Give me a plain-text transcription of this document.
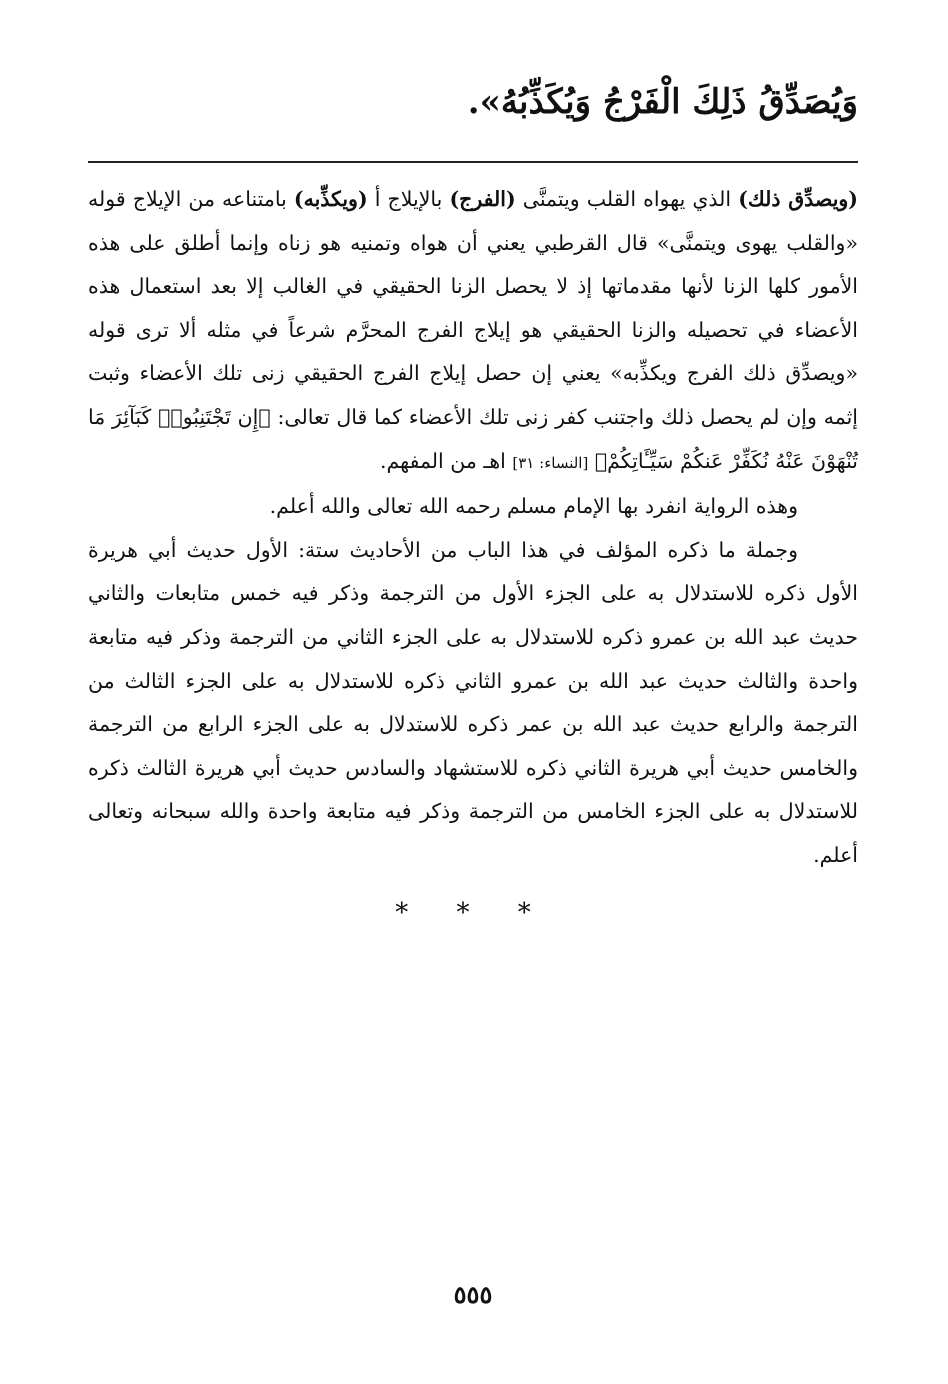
وَيُصَدِّقُ ذَلِكَ الْفَرْجُ وَيُكَذِّبُهُ».

(ويصدِّق ذلك) الذي يهواه القلب ويتمنَّى (الفرج) بالإيلاج أ (ويكذِّبه) بامتناعه من الإيلاج قوله «والقلب يهوى ويتمنَّى» قال القرطبي يعني أن هواه وتمنيه هو زناه وإنما أطلق على هذه الأمور كلها الزنا لأنها مقدماتها إذ لا يحصل الزنا الحقيقي في الغالب إلا بعد استعمال هذه الأعضاء في تحصيله والزنا الحقيقي هو إيلاج الفرج المحرَّم شرعاً في مثله ألا ترى قوله «ويصدِّق ذلك الفرج ويكذِّبه» يعني إن حصل إيلاج الفرج الحقيقي زنى تلك الأعضاء وثبت إثمه وإن لم يحصل ذلك واجتنب كفر زنى تلك الأعضاء كما قال تعالى: ﴿إِن تَجْتَنِبُوا۟ كَبَآئِرَ مَا تُنْهَوْنَ عَنْهُ نُكَفِّرْ عَنكُمْ سَيِّـَٔاتِكُمْ﴾ [النساء: ٣١] اهـ من المفهم.

وهذه الرواية انفرد بها الإمام مسلم رحمه الله تعالى والله أعلم.

وجملة ما ذكره المؤلف في هذا الباب من الأحاديث ستة: الأول حديث أبي هريرة الأول ذكره للاستدلال به على الجزء الأول من الترجمة وذكر فيه خمس متابعات والثاني حديث عبد الله بن عمرو ذكره للاستدلال به على الجزء الثاني من الترجمة وذكر فيه متابعة واحدة والثالث حديث عبد الله بن عمرو الثاني ذكره للاستدلال به على الجزء الثالث من الترجمة والرابع حديث عبد الله بن عمر ذكره للاستدلال به على الجزء الرابع من الترجمة والخامس حديث أبي هريرة الثاني ذكره للاستشهاد والسادس حديث أبي هريرة الثالث ذكره للاستدلال به على الجزء الخامس من الترجمة وذكر فيه متابعة واحدة والله سبحانه وتعالى أعلم.

* * *
٥٥٥
